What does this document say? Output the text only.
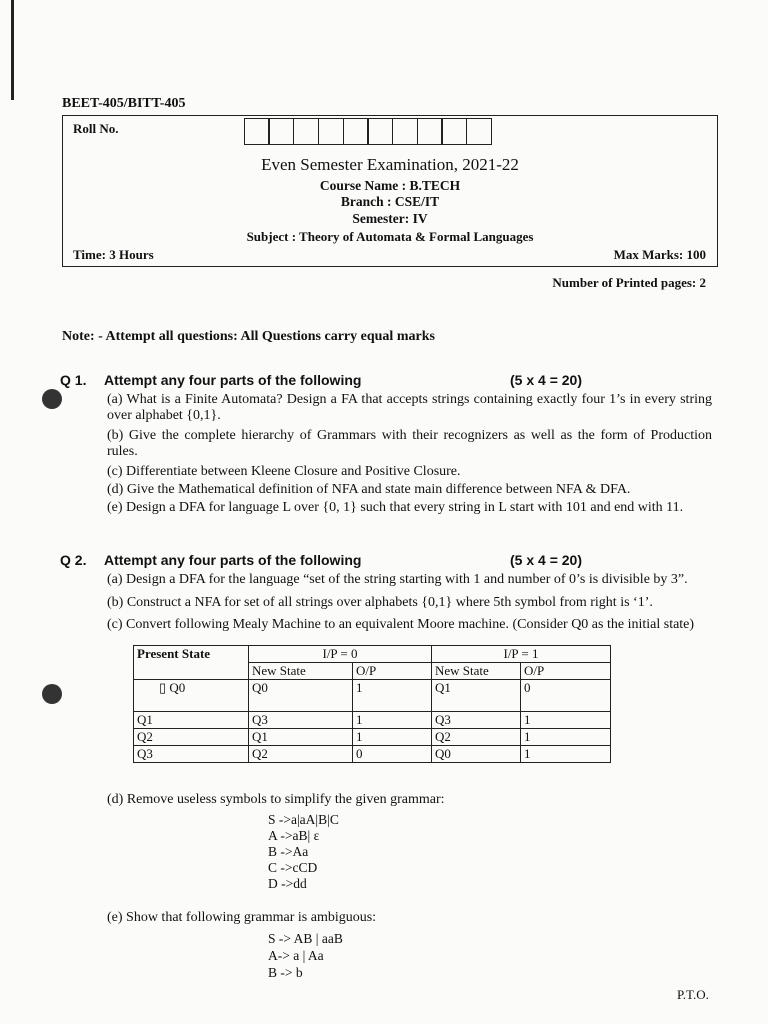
BEET-405/BITT-405
Roll No.
Even Semester Examination, 2021-22
Course Name : B.TECH
Branch : CSE/IT
Semester: IV
Subject : Theory of Automata & Formal Languages
Time: 3 Hours	Max Marks: 100
Number of Printed pages: 2
Note: - Attempt all questions: All Questions carry equal marks
Q 1. Attempt any four parts of the following	(5 x 4 = 20)
(a) What is a Finite Automata? Design a FA that accepts strings containing exactly four 1’s in every string over alphabet {0,1}.
(b) Give the complete hierarchy of Grammars with their recognizers as well as the form of Production rules.
(c) Differentiate between Kleene Closure and Positive Closure.
(d) Give the Mathematical definition of NFA and state main difference between NFA & DFA.
(e) Design a DFA for language L over {0, 1} such that every string in L start with 101 and end with 11.
Q 2. Attempt any four parts of the following	(5 x 4 = 20)
(a) Design a DFA for the language “set of the string starting with 1 and number of 0’s is divisible by 3”.
(b) Construct a NFA for set of all strings over alphabets {0,1} where 5th symbol from right is ‘1’.
(c) Convert following Mealy Machine to an equivalent Moore machine. (Consider Q0 as the initial state)
Present State	I/P = 0		I/P = 1	
	New State	O/P	New State	O/P
▯ Q0	Q0	1	Q1	0
Q1	Q3	1	Q3	1
Q2	Q1	1	Q2	1
Q3	Q2	0	Q0	1
(d) Remove useless symbols to simplify the given grammar:
S ->a|aA|B|C
A ->aB| ε
B ->Aa
C ->cCD
D ->dd
(e) Show that following grammar is ambiguous:
S -> AB | aaB
A-> a | Aa
B -> b
P.T.O.
